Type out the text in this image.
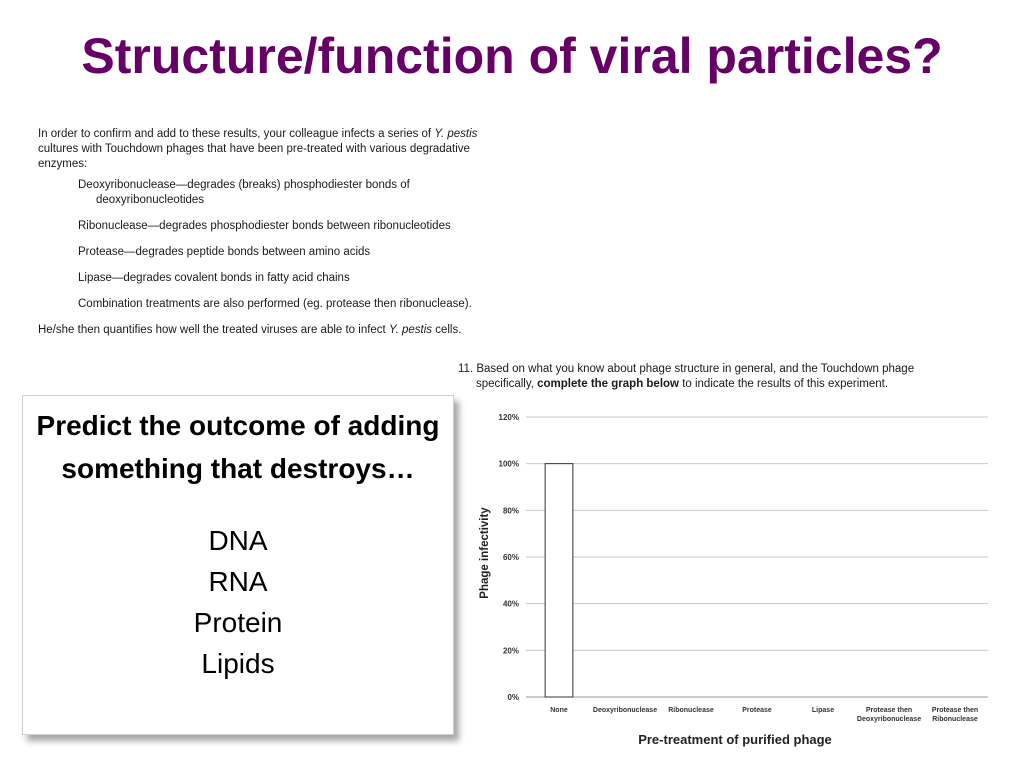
Structure/function of viral particles?

In order to confirm and add to these results, your colleague infects a series of Y. pestis

cultures with Touchdown phages that have been pre-treated with various degradative

enzymes:

Deoxyribonuclease—degrades (breaks) phosphodiester bonds of

deoxyribonucleotides

Ribonuclease—degrades phosphodiester bonds between ribonucleotides

Protease—degrades peptide bonds between amino acids

Lipase—degrades covalent bonds in fatty acid chains

Combination treatments are also performed (eg. protease then ribonuclease).

He/she then quantifies how well the treated viruses are able to infect Y. pestis cells.

11. Based on what you know about phage structure in general, and the Touchdown phage
specifically, complete the graph below to indicate the results of this experiment.
Predict the outcome of adding something that destroys…
DNA
RNA
Protein
Lipids
0%
20%
40%
60%
80%
100%
120%
None	Deoxyribonuclease Ribonuclease	Protease	Lipase	Protease then Deoxyribonuclease
Protease then Ribonuclease
Phage infectivity
Pre-treatment of purified phage
